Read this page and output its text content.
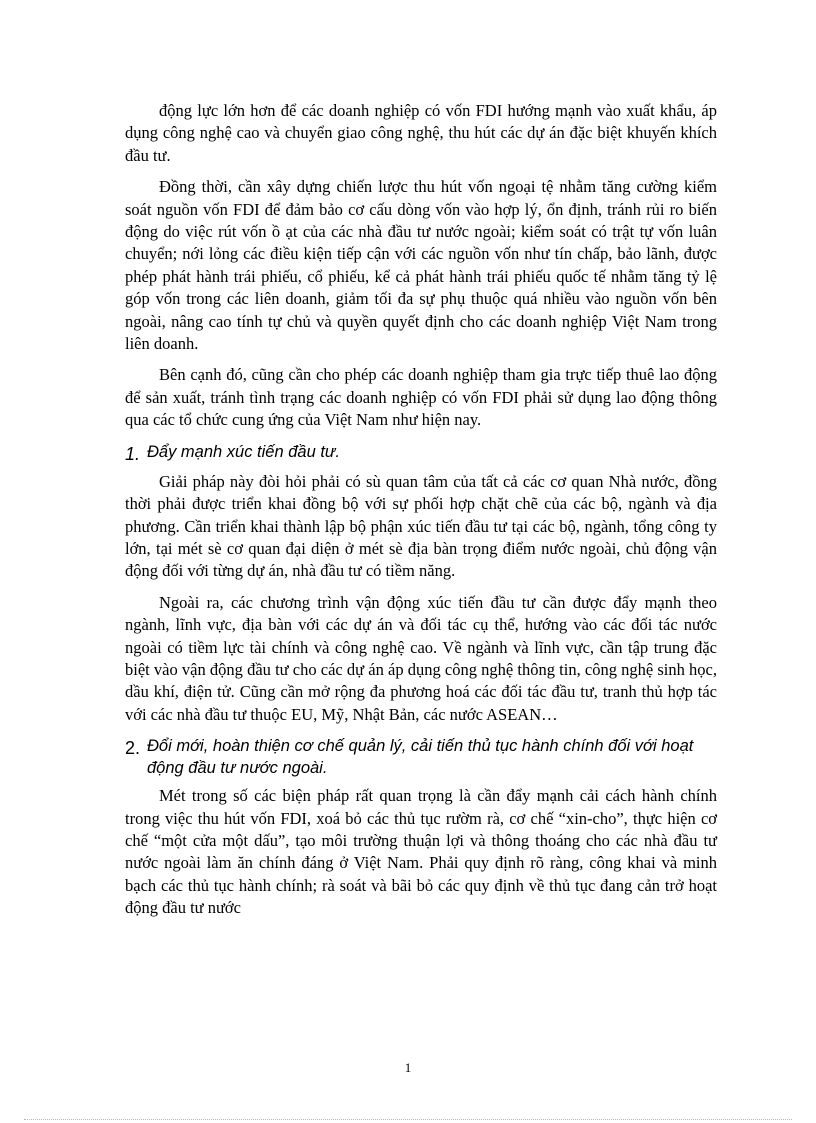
động lực lớn hơn để các doanh nghiệp có vốn FDI hướng mạnh vào xuất khẩu, áp dụng công nghệ cao và chuyển giao công nghệ, thu hút các dự án đặc biệt khuyến khích đầu tư.

Đồng thời, cần xây dựng chiến lược thu hút vốn ngoại tệ nhằm tăng cường kiểm soát nguồn vốn FDI để đảm bảo cơ cấu dòng vốn vào hợp lý, ổn định, tránh rủi ro biến động do việc rút vốn ồ ạt của các nhà đầu tư nước ngoài; kiểm soát có trật tự vốn luân chuyển; nới lỏng các điều kiện tiếp cận với các nguồn vốn như tín chấp, bảo lãnh, được phép phát hành trái phiếu, cổ phiếu, kể cả phát hành trái phiếu quốc tế nhằm tăng tỷ lệ góp vốn trong các liên doanh, giảm tối đa sự phụ thuộc quá nhiều vào nguồn vốn bên ngoài, nâng cao tính tự chủ và quyền quyết định cho các doanh nghiệp Việt Nam trong liên doanh.

Bên cạnh đó, cũng cần cho phép các doanh nghiệp tham gia trực tiếp thuê lao động để sản xuất, tránh tình trạng các doanh nghiệp có vốn FDI phải sử dụng lao động thông qua các tổ chức cung ứng của Việt Nam như hiện nay.

1. Đẩy mạnh xúc tiến đầu tư.

Giải pháp này đòi hỏi phải có sù quan tâm của tất cả các cơ quan Nhà nước, đồng thời phải được triển khai đồng bộ với sự phối hợp chặt chẽ của các bộ, ngành và địa phương. Cần triển khai thành lập bộ phận xúc tiến đầu tư tại các bộ, ngành, tổng công ty lớn, tại mét sè cơ quan đại diện ở mét sè địa bàn trọng điểm nước ngoài, chủ động vận động đối với từng dự án, nhà đầu tư có tiềm năng.

Ngoài ra, các chương trình vận động xúc tiến đầu tư cần được đẩy mạnh theo ngành, lĩnh vực, địa bàn với các dự án và đối tác cụ thể, hướng vào các đối tác nước ngoài có tiềm lực tài chính và công nghệ cao. Về ngành và lĩnh vực, cần tập trung đặc biệt vào vận động đầu tư cho các dự án áp dụng công nghệ thông tin, công nghệ sinh học, dầu khí, điện tử. Cũng cần mở rộng đa phương hoá các đối tác đầu tư, tranh thủ hợp tác với các nhà đầu tư thuộc EU, Mỹ, Nhật Bản, các nước ASEAN…

2. Đổi mới, hoàn thiện cơ chế quản lý, cải tiến thủ tục hành chính đối với hoạt động đầu tư nước ngoài.

Mét trong số các biện pháp rất quan trọng là cần đẩy mạnh cải cách hành chính trong việc thu hút vốn FDI, xoá bỏ các thủ tục rườm rà, cơ chế “xin-cho”, thực hiện cơ chế “một cửa một dấu”, tạo môi trường thuận lợi và thông thoáng cho các nhà đầu tư nước ngoài làm ăn chính đáng ở Việt Nam. Phải quy định rõ ràng, công khai và minh bạch các thủ tục hành chính; rà soát và bãi bỏ các quy định về thủ tục đang cản trở hoạt động đầu tư nước

1
